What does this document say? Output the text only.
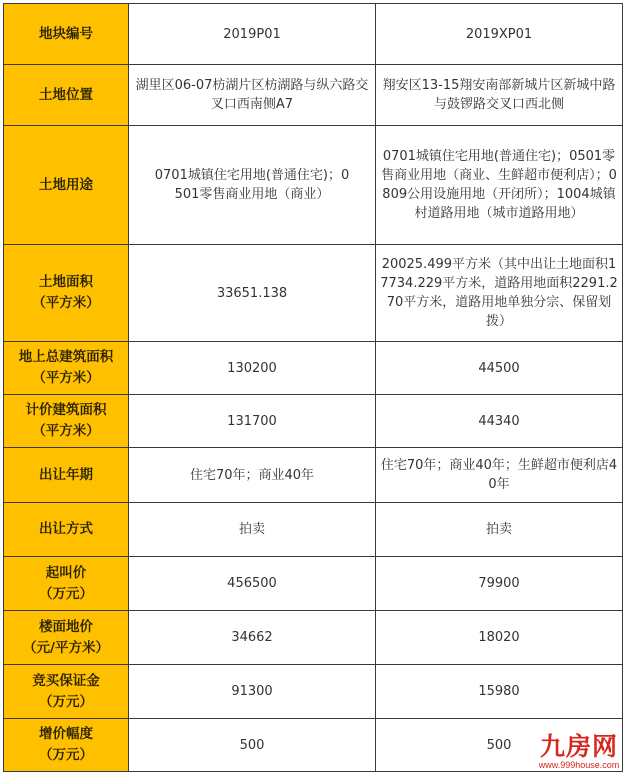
地块编号	2019P01	2019XP01
土地位置	湖里区06-07枋湖片区枋湖路与纵六路交叉口西南侧A7	翔安区13-15翔安南部新城片区新城中路与鼓锣路交叉口西北侧
土地用途	0701城镇住宅用地(普通住宅)；0501零售商业用地（商业）	0701城镇住宅用地(普通住宅)；0501零售商业用地（商业、生鲜超市便利店）；0809公用设施用地（开闭所）；1004城镇村道路用地（城市道路用地）
土地面积
（平方米）	33651.138	20025.499平方米（其中出让土地面积17734.229平方米，道路用地面积2291.270平方米，道路用地单独分宗、保留划拨）
地上总建筑面积
（平方米）	130200	44500
计价建筑面积
（平方米）	131700	44340
出让年期	住宅70年；商业40年	住宅70年；商业40年；生鲜超市便利店40年
出让方式	拍卖	拍卖
起叫价
（万元）	456500	79900
楼面地价
（元/平方米）	34662	18020
竞买保证金
（万元）	91300	15980
增价幅度
（万元）	500	500 九房网
www.999house.com
